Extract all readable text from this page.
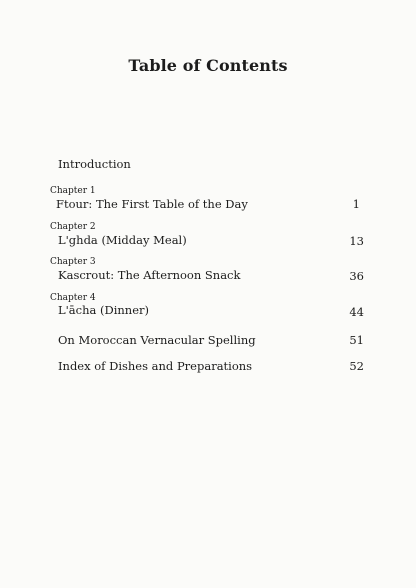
Table of Contents
Introduction
Chapter 1
Ftour: The First Table of the Day	1
Chapter 2
L'ghda (Midday Meal)	13
Chapter 3
Kascrout: The Afternoon Snack	36
Chapter 4
L'ācha (Dinner)	44
On Moroccan Vernacular Spelling	51
Index of Dishes and Preparations	52
